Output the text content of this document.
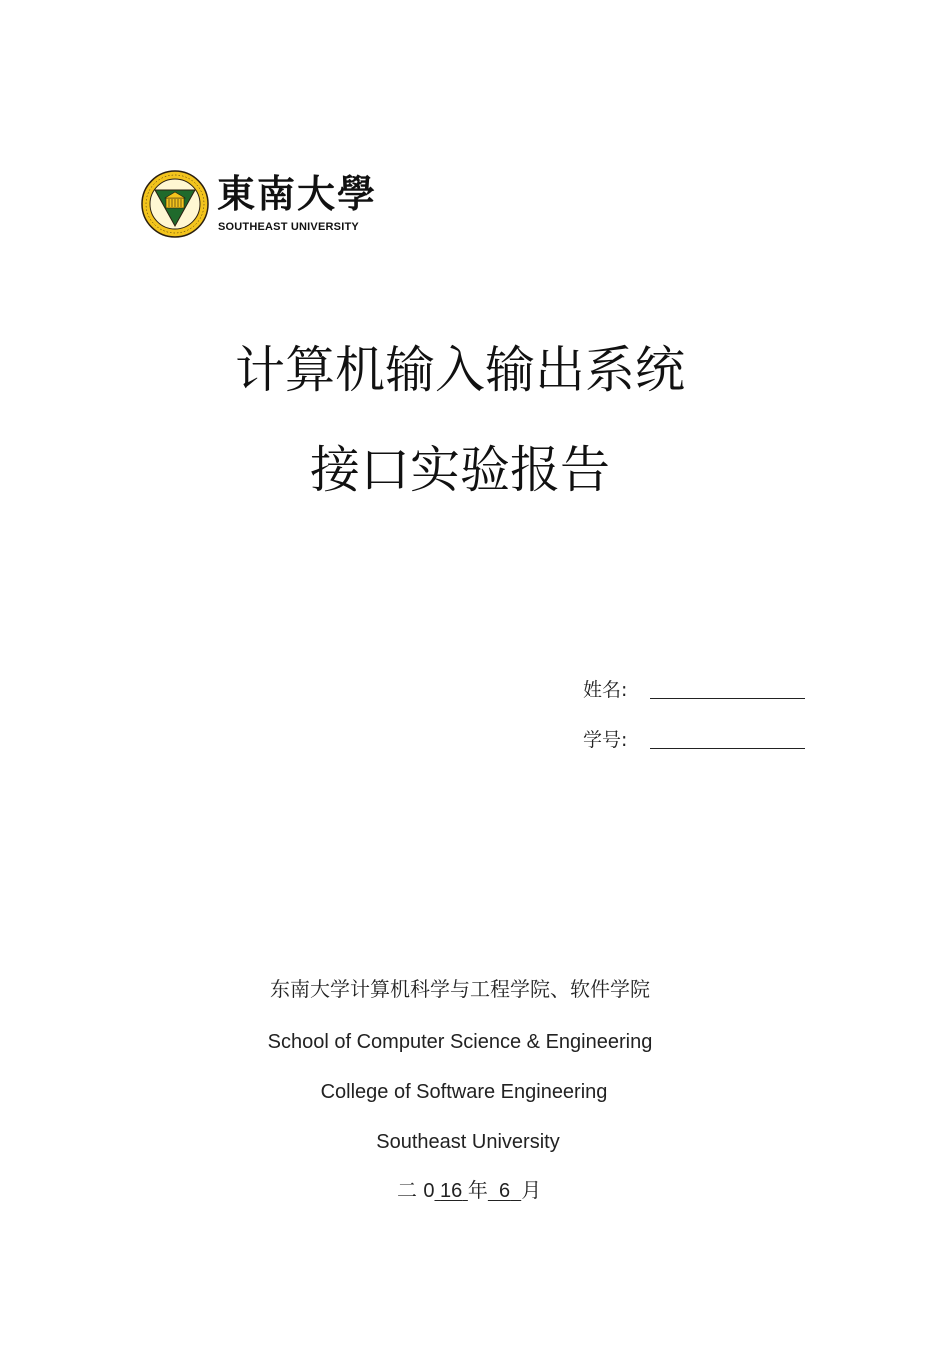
東南大學
SOUTHEAST UNIVERSITY
计算机输入输出系统
接口实验报告
姓名:
学号:
东南大学计算机科学与工程学院、软件学院
School of Computer Science & Engineering
College of Software Engineering
Southeast University
二 0 16 年 6 月
